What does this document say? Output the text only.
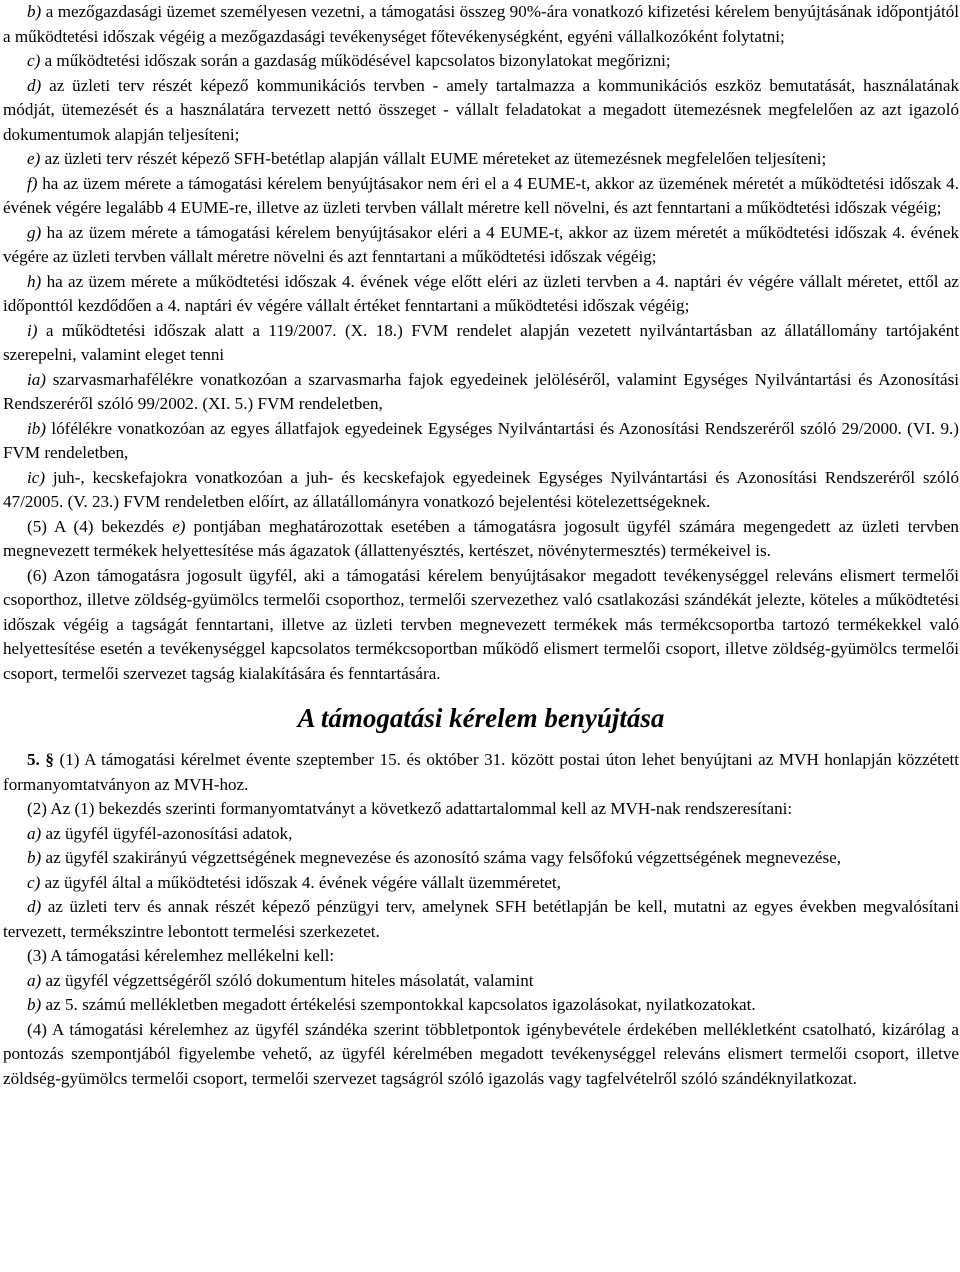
b) a mezőgazdasági üzemet személyesen vezetni, a támogatási összeg 90%-ára vonatkozó kifizetési kérelem benyújtásának időpontjától a működtetési időszak végéig a mezőgazdasági tevékenységet főtevékenységként, egyéni vállalkozóként folytatni;

c) a működtetési időszak során a gazdaság működésével kapcsolatos bizonylatokat megőrizni;

d) az üzleti terv részét képező kommunikációs tervben - amely tartalmazza a kommunikációs eszköz bemutatását, használatának módját, ütemezését és a használatára tervezett nettó összeget - vállalt feladatokat a megadott ütemezésnek megfelelően az azt igazoló dokumentumok alapján teljesíteni;

e) az üzleti terv részét képező SFH-betétlap alapján vállalt EUME méreteket az ütemezésnek megfelelően teljesíteni;

f) ha az üzem mérete a támogatási kérelem benyújtásakor nem éri el a 4 EUME-t, akkor az üzemének méretét a működtetési időszak 4. évének végére legalább 4 EUME-re, illetve az üzleti tervben vállalt méretre kell növelni, és azt fenntartani a működtetési időszak végéig;

g) ha az üzem mérete a támogatási kérelem benyújtásakor eléri a 4 EUME-t, akkor az üzem méretét a működtetési időszak 4. évének végére az üzleti tervben vállalt méretre növelni és azt fenntartani a működtetési időszak végéig;

h) ha az üzem mérete a működtetési időszak 4. évének vége előtt eléri az üzleti tervben a 4. naptári év végére vállalt méretet, ettől az időponttól kezdődően a 4. naptári év végére vállalt értéket fenntartani a működtetési időszak végéig;

i) a működtetési időszak alatt a 119/2007. (X. 18.) FVM rendelet alapján vezetett nyilvántartásban az állatállomány tartójaként szerepelni, valamint eleget tenni

ia) szarvasmarhafélékre vonatkozóan a szarvasmarha fajok egyedeinek jelöléséről, valamint Egységes Nyilvántartási és Azonosítási Rendszeréről szóló 99/2002. (XI. 5.) FVM rendeletben,

ib) lófélékre vonatkozóan az egyes állatfajok egyedeinek Egységes Nyilvántartási és Azonosítási Rendszeréről szóló 29/2000. (VI. 9.) FVM rendeletben,

ic) juh-, kecskefajokra vonatkozóan a juh- és kecskefajok egyedeinek Egységes Nyilvántartási és Azonosítási Rendszeréről szóló 47/2005. (V. 23.) FVM rendeletben előírt, az állatállományra vonatkozó bejelentési kötelezettségeknek.

(5) A (4) bekezdés e) pontjában meghatározottak esetében a támogatásra jogosult ügyfél számára megengedett az üzleti tervben megnevezett termékek helyettesítése más ágazatok (állattenyésztés, kertészet, növénytermesztés) termékeivel is.

(6) Azon támogatásra jogosult ügyfél, aki a támogatási kérelem benyújtásakor megadott tevékenységgel releváns elismert termelői csoporthoz, illetve zöldség-gyümölcs termelői csoporthoz, termelői szervezethez való csatlakozási szándékát jelezte, köteles a működtetési időszak végéig a tagságát fenntartani, illetve az üzleti tervben megnevezett termékek más termékcsoportba tartozó termékekkel való helyettesítése esetén a tevékenységgel kapcsolatos termékcsoportban működő elismert termelői csoport, illetve zöldség-gyümölcs termelői csoport, termelői szervezet tagság kialakítására és fenntartására.

A támogatási kérelem benyújtása

5. § (1) A támogatási kérelmet évente szeptember 15. és október 31. között postai úton lehet benyújtani az MVH honlapján közzétett formanyomtatványon az MVH-hoz.

(2) Az (1) bekezdés szerinti formanyomtatványt a következő adattartalommal kell az MVH-nak rendszeresítani:

a) az ügyfél ügyfél-azonosítási adatok,

b) az ügyfél szakirányú végzettségének megnevezése és azonosító száma vagy felsőfokú végzettségének megnevezése,

c) az ügyfél által a működtetési időszak 4. évének végére vállalt üzemméretet,

d) az üzleti terv és annak részét képező pénzügyi terv, amelynek SFH betétlapján be kell, mutatni az egyes években megvalósítani tervezett, termékszintre lebontott termelési szerkezetet.

(3) A támogatási kérelemhez mellékelni kell:

a) az ügyfél végzettségéről szóló dokumentum hiteles másolatát, valamint

b) az 5. számú mellékletben megadott értékelési szempontokkal kapcsolatos igazolásokat, nyilatkozatokat.

(4) A támogatási kérelemhez az ügyfél szándéka szerint többletpontok igénybevétele érdekében mellékletként csatolható, kizárólag a pontozás szempontjából figyelembe vehető, az ügyfél kérelmében megadott tevékenységgel releváns elismert termelői csoport, illetve zöldség-gyümölcs termelői csoport, termelői szervezet tagságról szóló igazolás vagy tagfelvételről szóló szándéknyilatkozat.
